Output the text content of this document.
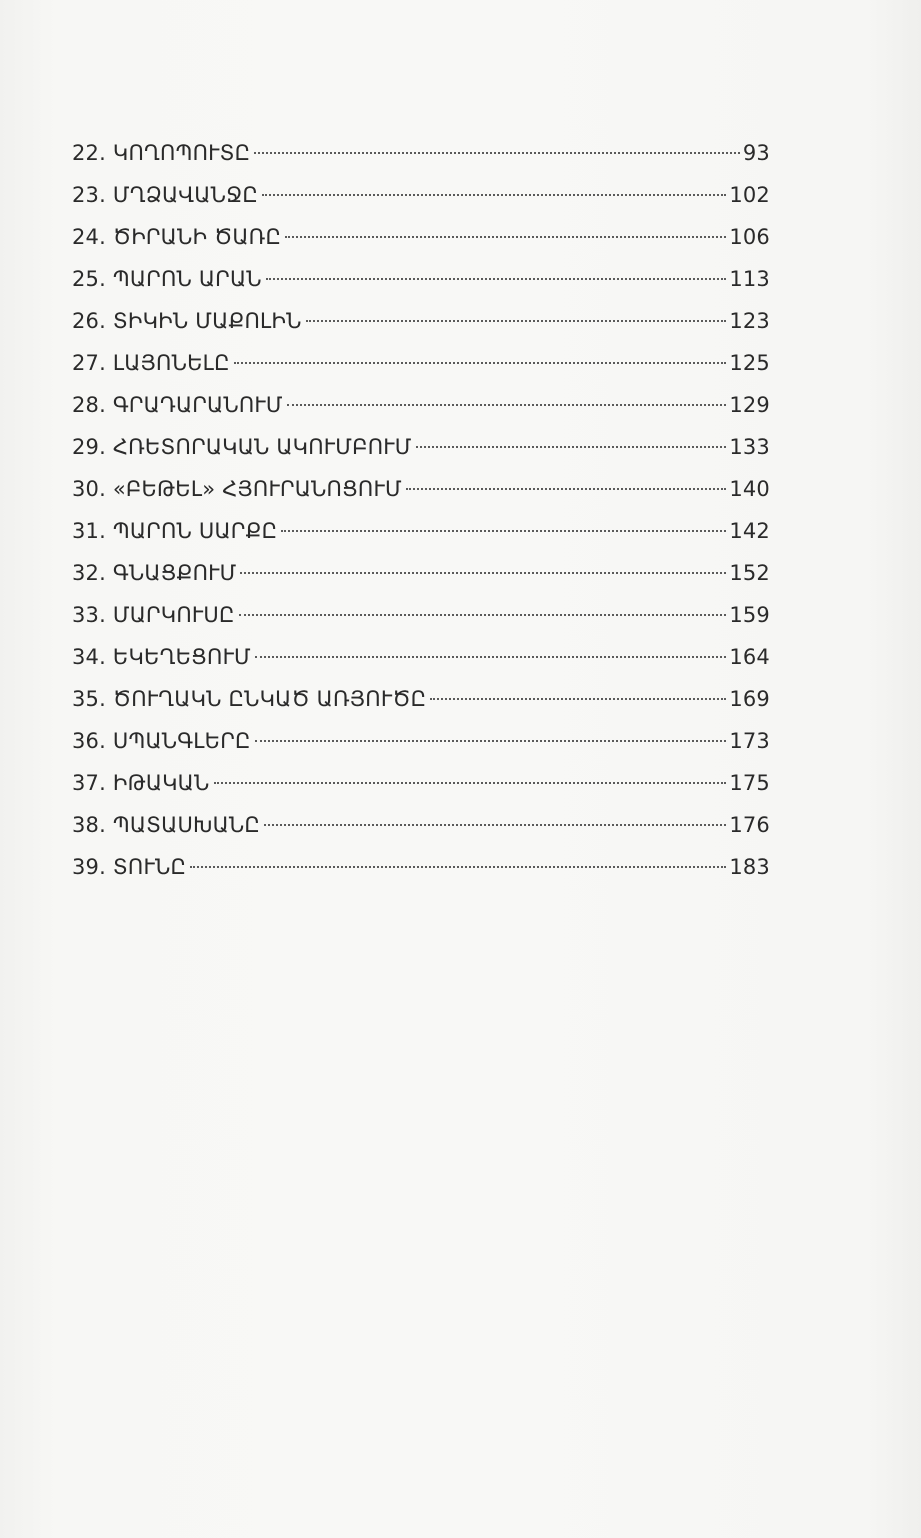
22. ԿՈՂՈՊՈՒՏԸ	93
23. ՄՂՁԱՎԱՆՋԸ	102
24. ԾԻՐԱՆԻ ԾԱՌԸ	106
25. ՊԱՐՈՆ ԱՐԱՆ	113
26. ՏԻԿԻՆ ՄԱՔՈԼԻՆ	123
27. ԼԱՅՈՆԵԼԸ	125
28. ԳՐԱԴԱՐԱՆՈՒՄ	129
29. ՀՌԵՏՈՐԱԿԱՆ ԱԿՈՒՄԲՈՒՄ	133
30. «ԲԵԹԵԼ» ՀՅՈՒՐԱՆՈՑՈՒՄ	140
31. ՊԱՐՈՆ ՍԱՐՔԸ	142
32. ԳՆԱՑՔՈՒՄ	152
33. ՄԱՐԿՈՒՍԸ	159
34. ԵԿԵՂԵՑՈՒՄ	164
35. ԾՈՒՂԱԿՆ ԸՆԿԱԾ ԱՌՅՈՒԾԸ	169
36. ՍՊԱՆԳԼԵՐԸ	173
37. ԻԹԱԿԱՆ	175
38. ՊԱՏԱՍԽԱՆԸ	176
39. ՏՈՒՆԸ	183
